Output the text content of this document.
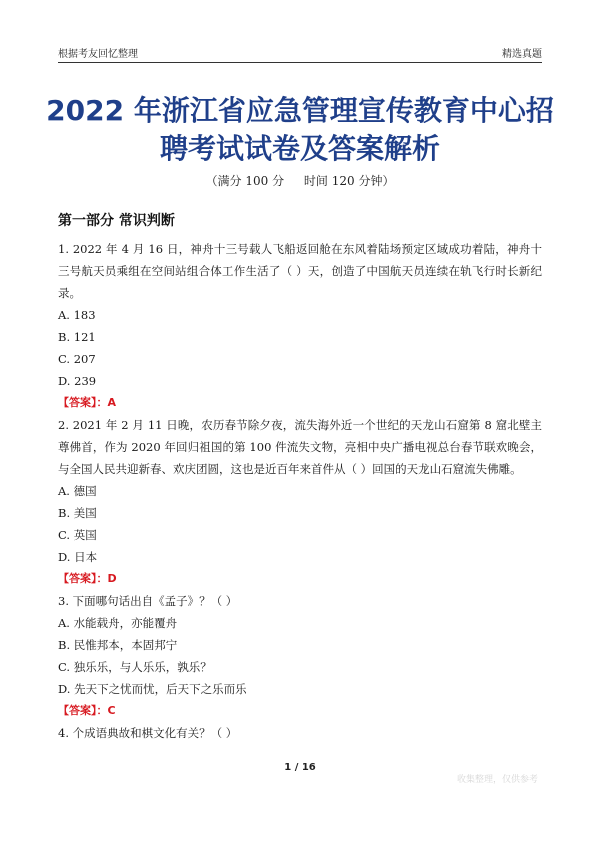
根据考友回忆整理	精选真题
2022 年浙江省应急管理宣传教育中心招聘考试试卷及答案解析
（满分 100 分 时间 120 分钟）
第一部分 常识判断

1. 2022 年 4 月 16 日，神舟十三号载人飞船返回舱在东风着陆场预定区域成功着陆，神舟十三号航天员乘组在空间站组合体工作生活了（ ）天，创造了中国航天员连续在轨飞行时长新纪录。

A. 183

B. 121

C. 207

D. 239

【答案】：A

2. 2021 年 2 月 11 日晚，农历春节除夕夜，流失海外近一个世纪的天龙山石窟第 8 窟北壁主尊佛首，作为 2020 年回归祖国的第 100 件流失文物，亮相中央广播电视总台春节联欢晚会，与全国人民共迎新春、欢庆团圆，这也是近百年来首件从（ ）回国的天龙山石窟流失佛雕。

A. 德国

B. 美国

C. 英国

D. 日本

【答案】：D

3. 下面哪句话出自《孟子》？（ ）

A. 水能载舟，亦能覆舟

B. 民惟邦本，本固邦宁

C. 独乐乐，与人乐乐，孰乐？

D. 先天下之忧而忧，后天下之乐而乐

【答案】：C

4. 个成语典故和棋文化有关？（ ）

1 / 16
收集整理，仅供参考
